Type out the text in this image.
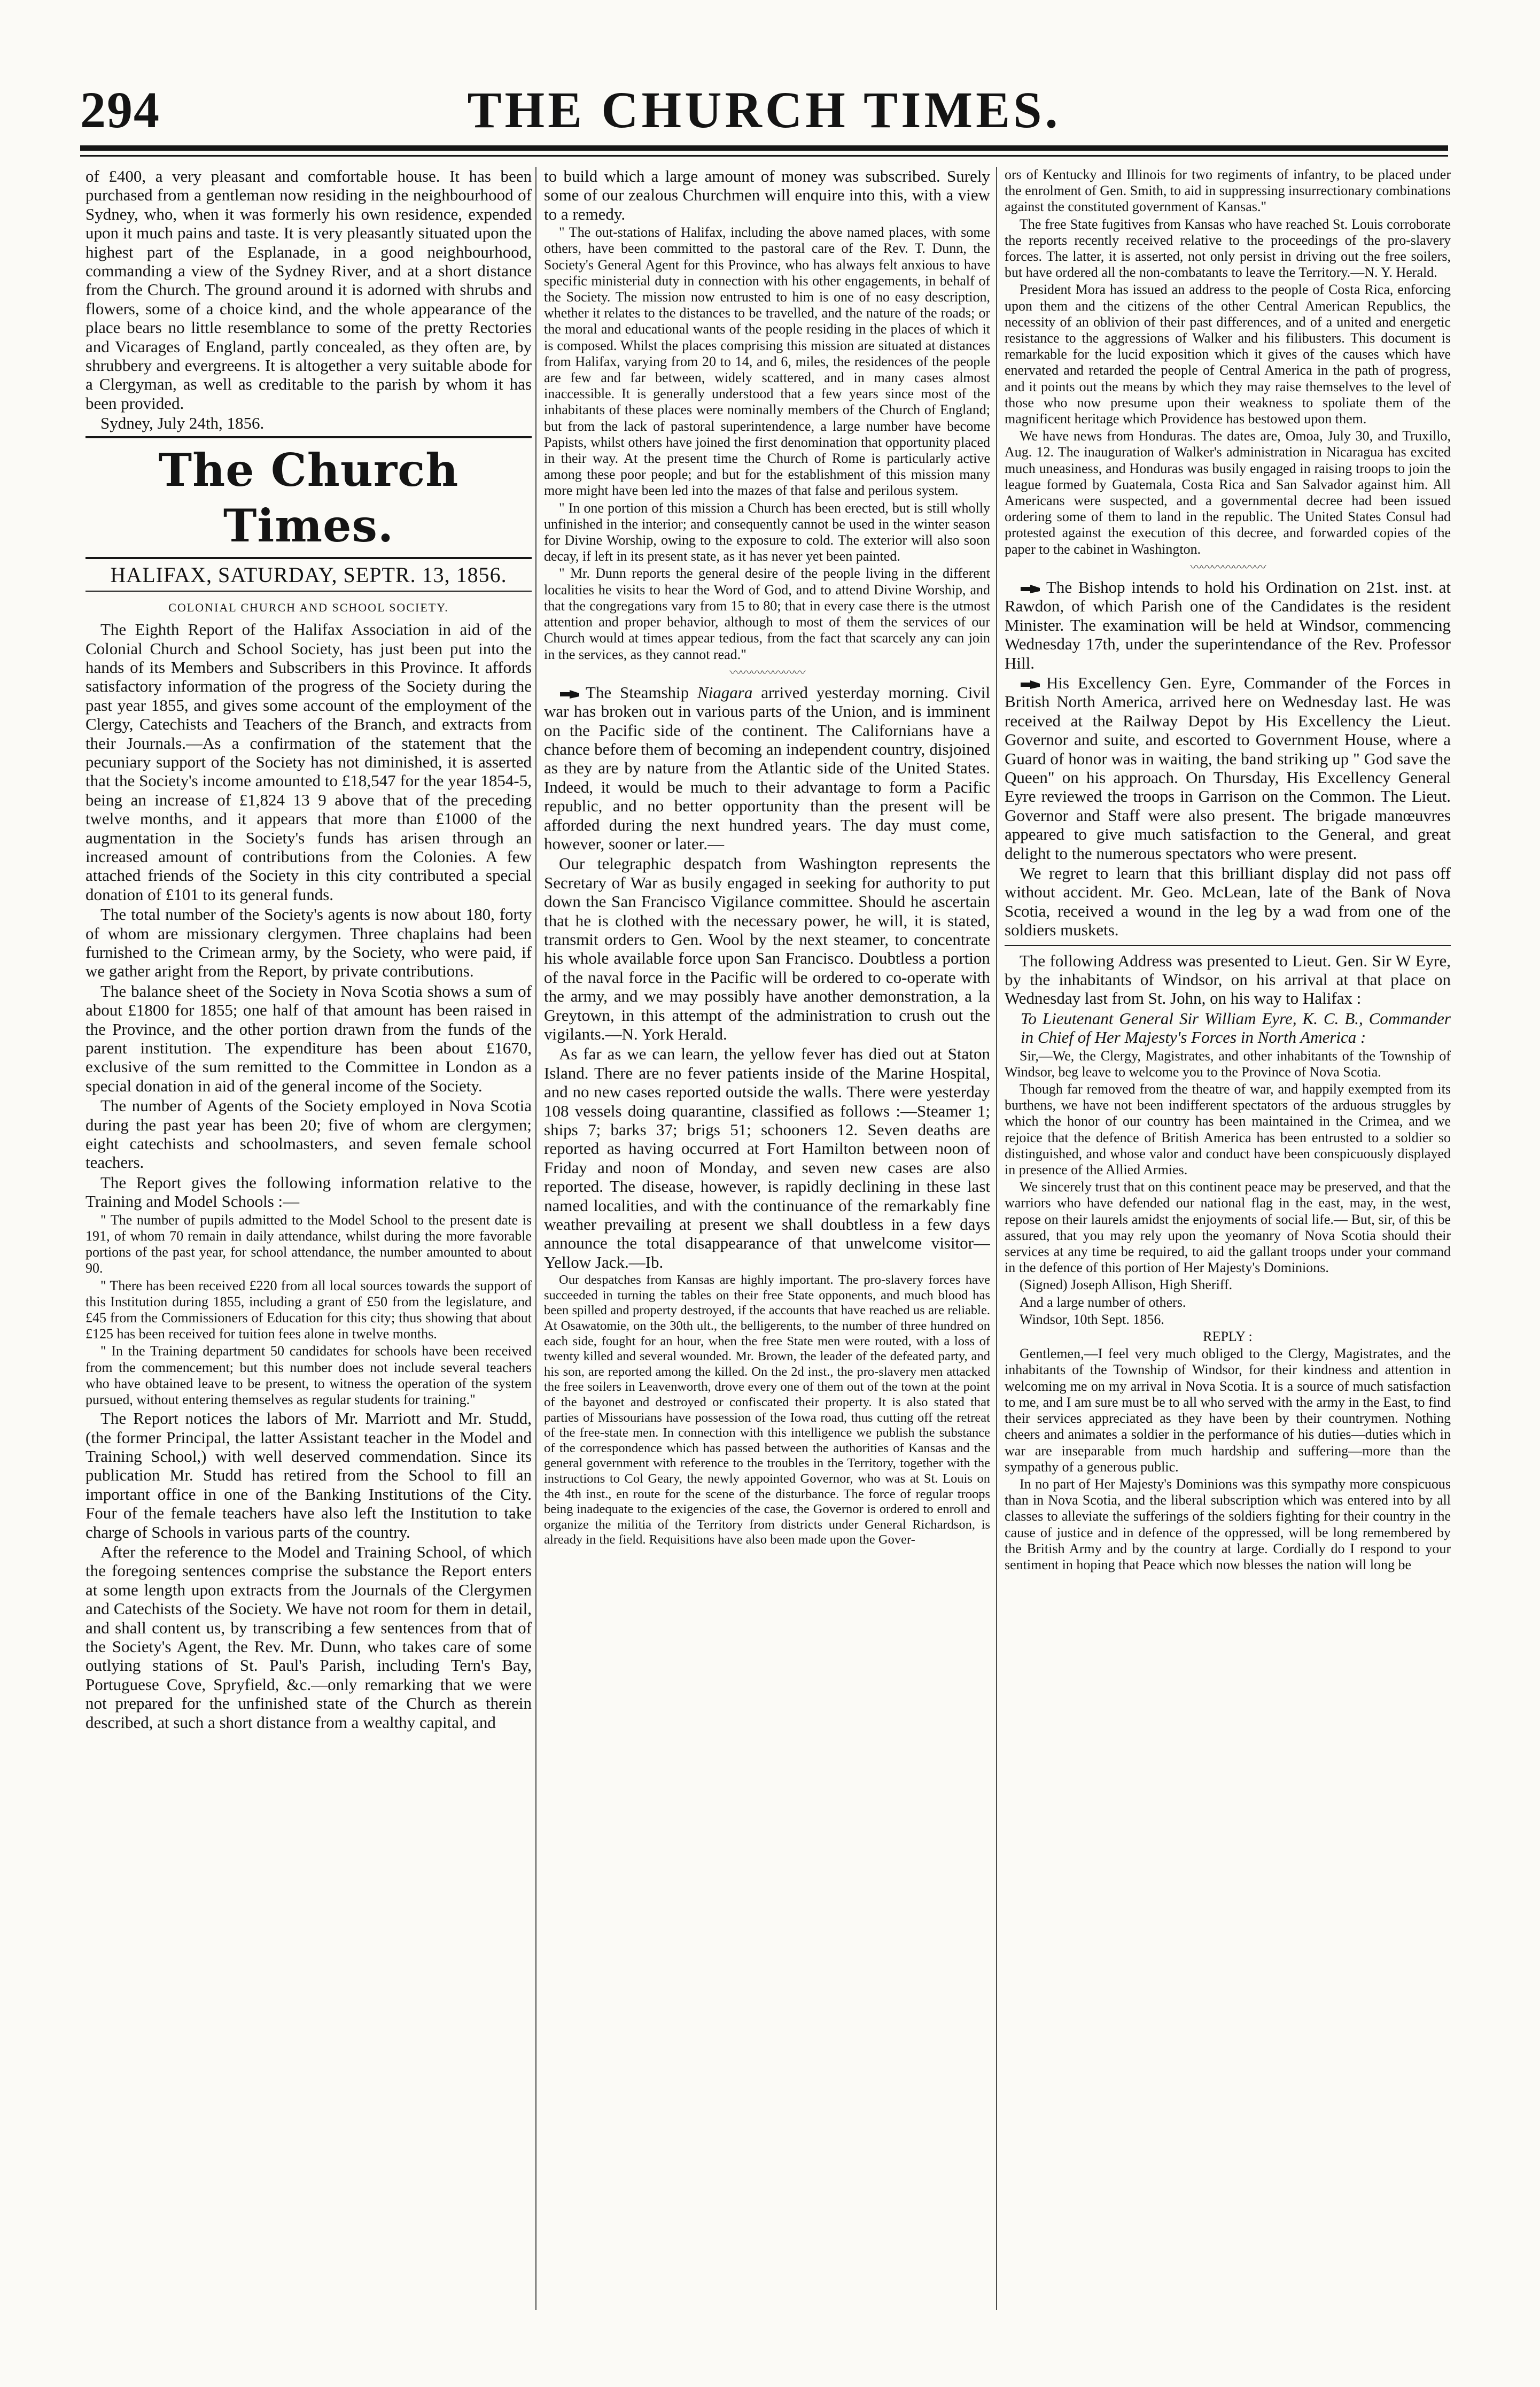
294	THE CHURCH TIMES.

of £400, a very pleasant and comfortable house. It has been purchased from a gentleman now residing in the neighbourhood of Sydney, who, when it was formerly his own residence, expended upon it much pains and taste. It is very pleasantly situated upon the highest part of the Esplanade, in a good neighbourhood, commanding a view of the Sydney River, and at a short distance from the Church. The ground around it is adorned with shrubs and flowers, some of a choice kind, and the whole appearance of the place bears no little resemblance to some of the pretty Rectories and Vicarages of England, partly concealed, as they often are, by shrubbery and evergreens. It is altogether a very suitable abode for a Clergyman, as well as creditable to the parish by whom it has been provided.

Sydney, July 24th, 1856.

The Church Times.
HALIFAX, SATURDAY, SEPTR. 13, 1856.
COLONIAL CHURCH AND SCHOOL SOCIETY.

The Eighth Report of the Halifax Association in aid of the Colonial Church and School Society, has just been put into the hands of its Members and Subscribers in this Province. It affords satisfactory information of the progress of the Society during the past year 1855, and gives some account of the employment of the Clergy, Catechists and Teachers of the Branch, and extracts from their Journals.—As a confirmation of the statement that the pecuniary support of the Society has not diminished, it is asserted that the Society's income amounted to £18,547 for the year 1854-5, being an increase of £1,824 13 9 above that of the preceding twelve months, and it appears that more than £1000 of the augmentation in the Society's funds has arisen through an increased amount of contributions from the Colonies. A few attached friends of the Society in this city contributed a special donation of £101 to its general funds.

The total number of the Society's agents is now about 180, forty of whom are missionary clergymen. Three chaplains had been furnished to the Crimean army, by the Society, who were paid, if we gather aright from the Report, by private contributions.

The balance sheet of the Society in Nova Scotia shows a sum of about £1800 for 1855; one half of that amount has been raised in the Province, and the other portion drawn from the funds of the parent institution. The expenditure has been about £1670, exclusive of the sum remitted to the Committee in London as a special donation in aid of the general income of the Society.

The number of Agents of the Society employed in Nova Scotia during the past year has been 20; five of whom are clergymen; eight catechists and schoolmasters, and seven female school teachers.

The Report gives the following information relative to the Training and Model Schools :—

" The number of pupils admitted to the Model School to the present date is 191, of whom 70 remain in daily attendance, whilst during the more favorable portions of the past year, for school attendance, the number amounted to about 90.

" There has been received £220 from all local sources towards the support of this Institution during 1855, including a grant of £50 from the legislature, and £45 from the Commissioners of Education for this city; thus showing that about £125 has been received for tuition fees alone in twelve months.

" In the Training department 50 candidates for schools have been received from the commencement; but this number does not include several teachers who have obtained leave to be present, to witness the operation of the system pursued, without entering themselves as regular students for training."

The Report notices the labors of Mr. Marriott and Mr. Studd, (the former Principal, the latter Assistant teacher in the Model and Training School,) with well deserved commendation. Since its publication Mr. Studd has retired from the School to fill an important office in one of the Banking Institutions of the City. Four of the female teachers have also left the Institution to take charge of Schools in various parts of the country.

After the reference to the Model and Training School, of which the foregoing sentences comprise the substance the Report enters at some length upon extracts from the Journals of the Clergymen and Catechists of the Society. We have not room for them in detail, and shall content us, by transcribing a few sentences from that of the Society's Agent, the Rev. Mr. Dunn, who takes care of some outlying stations of St. Paul's Parish, including Tern's Bay, Portuguese Cove, Spryfield, &c.—only remarking that we were not prepared for the unfinished state of the Church as therein described, at such a short distance from a wealthy capital, and

to build which a large amount of money was subscribed. Surely some of our zealous Churchmen will enquire into this, with a view to a remedy.

" The out-stations of Halifax, including the above named places, with some others, have been committed to the pastoral care of the Rev. T. Dunn, the Society's General Agent for this Province, who has always felt anxious to have specific ministerial duty in connection with his other engagements, in behalf of the Society. The mission now entrusted to him is one of no easy description, whether it relates to the distances to be travelled, and the nature of the roads; or the moral and educational wants of the people residing in the places of which it is composed. Whilst the places comprising this mission are situated at distances from Halifax, varying from 20 to 14, and 6, miles, the residences of the people are few and far between, widely scattered, and in many cases almost inaccessible. It is generally understood that a few years since most of the inhabitants of these places were nominally members of the Church of England; but from the lack of pastoral superintendence, a large number have become Papists, whilst others have joined the first denomination that opportunity placed in their way. At the present time the Church of Rome is particularly active among these poor people; and but for the establishment of this mission many more might have been led into the mazes of that false and perilous system.

" In one portion of this mission a Church has been erected, but is still wholly unfinished in the interior; and consequently cannot be used in the winter season for Divine Worship, owing to the exposure to cold. The exterior will also soon decay, if left in its present state, as it has never yet been painted.

" Mr. Dunn reports the general desire of the people living in the different localities he visits to hear the Word of God, and to attend Divine Worship, and that the congregations vary from 15 to 80; that in every case there is the utmost attention and proper behavior, although to most of them the services of our Church would at times appear tedious, from the fact that scarcely any can join in the services, as they cannot read."

〰〰〰〰〰〰〰

The Steamship Niagara arrived yesterday morning. Civil war has broken out in various parts of the Union, and is imminent on the Pacific side of the continent. The Californians have a chance before them of becoming an independent country, disjoined as they are by nature from the Atlantic side of the United States. Indeed, it would be much to their advantage to form a Pacific republic, and no better opportunity than the present will be afforded during the next hundred years. The day must come, however, sooner or later.—

Our telegraphic despatch from Washington represents the Secretary of War as busily engaged in seeking for authority to put down the San Francisco Vigilance committee. Should he ascertain that he is clothed with the necessary power, he will, it is stated, transmit orders to Gen. Wool by the next steamer, to concentrate his whole available force upon San Francisco. Doubtless a portion of the naval force in the Pacific will be ordered to co-operate with the army, and we may possibly have another demonstration, a la Greytown, in this attempt of the administration to crush out the vigilants.—N. York Herald.

As far as we can learn, the yellow fever has died out at Staton Island. There are no fever patients inside of the Marine Hospital, and no new cases reported outside the walls. There were yesterday 108 vessels doing quarantine, classified as follows :—Steamer 1; ships 7; barks 37; brigs 51; schooners 12. Seven deaths are reported as having occurred at Fort Hamilton between noon of Friday and noon of Monday, and seven new cases are also reported. The disease, however, is rapidly declining in these last named localities, and with the continuance of the remarkably fine weather prevailing at present we shall doubtless in a few days announce the total disappearance of that unwelcome visitor—Yellow Jack.—Ib.

Our despatches from Kansas are highly important. The pro-slavery forces have succeeded in turning the tables on their free State opponents, and much blood has been spilled and property destroyed, if the accounts that have reached us are reliable. At Osawatomie, on the 30th ult., the belligerents, to the number of three hundred on each side, fought for an hour, when the free State men were routed, with a loss of twenty killed and several wounded. Mr. Brown, the leader of the defeated party, and his son, are reported among the killed. On the 2d inst., the pro-slavery men attacked the free soilers in Leavenworth, drove every one of them out of the town at the point of the bayonet and destroyed or confiscated their property. It is also stated that parties of Missourians have possession of the Iowa road, thus cutting off the retreat of the free-state men. In connection with this intelligence we publish the substance of the correspondence which has passed between the authorities of Kansas and the general government with reference to the troubles in the Territory, together with the instructions to Col Geary, the newly appointed Governor, who was at St. Louis on the 4th inst., en route for the scene of the disturbance. The force of regular troops being inadequate to the exigencies of the case, the Governor is ordered to enroll and organize the militia of the Territory from districts under General Richardson, is already in the field. Requisitions have also been made upon the Gover-

ors of Kentucky and Illinois for two regiments of infantry, to be placed under the enrolment of Gen. Smith, to aid in suppressing insurrectionary combinations against the constituted government of Kansas."

The free State fugitives from Kansas who have reached St. Louis corroborate the reports recently received relative to the proceedings of the pro-slavery forces. The latter, it is asserted, not only persist in driving out the free soilers, but have ordered all the non-combatants to leave the Territory.—N. Y. Herald.

President Mora has issued an address to the people of Costa Rica, enforcing upon them and the citizens of the other Central American Republics, the necessity of an oblivion of their past differences, and of a united and energetic resistance to the aggressions of Walker and his filibusters. This document is remarkable for the lucid exposition which it gives of the causes which have enervated and retarded the people of Central America in the path of progress, and it points out the means by which they may raise themselves to the level of those who now presume upon their weakness to spoliate them of the magnificent heritage which Providence has bestowed upon them.

We have news from Honduras. The dates are, Omoa, July 30, and Truxillo, Aug. 12. The inauguration of Walker's administration in Nicaragua has excited much uneasiness, and Honduras was busily engaged in raising troops to join the league formed by Guatemala, Costa Rica and San Salvador against him. All Americans were suspected, and a governmental decree had been issued ordering some of them to land in the republic. The United States Consul had protested against the execution of this decree, and forwarded copies of the paper to the cabinet in Washington.

〰〰〰〰〰〰〰

The Bishop intends to hold his Ordination on 21st. inst. at Rawdon, of which Parish one of the Candidates is the resident Minister. The examination will be held at Windsor, commencing Wednesday 17th, under the superintendance of the Rev. Professor Hill.

His Excellency Gen. Eyre, Commander of the Forces in British North America, arrived here on Wednesday last. He was received at the Railway Depot by His Excellency the Lieut. Governor and suite, and escorted to Government House, where a Guard of honor was in waiting, the band striking up " God save the Queen" on his approach. On Thursday, His Excellency General Eyre reviewed the troops in Garrison on the Common. The Lieut. Governor and Staff were also present. The brigade manœuvres appeared to give much satisfaction to the General, and great delight to the numerous spectators who were present.

We regret to learn that this brilliant display did not pass off without accident. Mr. Geo. McLean, late of the Bank of Nova Scotia, received a wound in the leg by a wad from one of the soldiers muskets.

The following Address was presented to Lieut. Gen. Sir W Eyre, by the inhabitants of Windsor, on his arrival at that place on Wednesday last from St. John, on his way to Halifax :

To Lieutenant General Sir William Eyre, K. C. B., Commander in Chief of Her Majesty's Forces in North America :

Sir,—We, the Clergy, Magistrates, and other inhabitants of the Township of Windsor, beg leave to welcome you to the Province of Nova Scotia.

Though far removed from the theatre of war, and happily exempted from its burthens, we have not been indifferent spectators of the arduous struggles by which the honor of our country has been maintained in the Crimea, and we rejoice that the defence of British America has been entrusted to a soldier so distinguished, and whose valor and conduct have been conspicuously displayed in presence of the Allied Armies.

We sincerely trust that on this continent peace may be preserved, and that the warriors who have defended our national flag in the east, may, in the west, repose on their laurels amidst the enjoyments of social life.— But, sir, of this be assured, that you may rely upon the yeomanry of Nova Scotia should their services at any time be required, to aid the gallant troops under your command in the defence of this portion of Her Majesty's Dominions.

(Signed) Joseph Allison, High Sheriff.

And a large number of others.

Windsor, 10th Sept. 1856.

REPLY :

Gentlemen,—I feel very much obliged to the Clergy, Magistrates, and the inhabitants of the Township of Windsor, for their kindness and attention in welcoming me on my arrival in Nova Scotia. It is a source of much satisfaction to me, and I am sure must be to all who served with the army in the East, to find their services appreciated as they have been by their countrymen. Nothing cheers and animates a soldier in the performance of his duties—duties which in war are inseparable from much hardship and suffering—more than the sympathy of a generous public.

In no part of Her Majesty's Dominions was this sympathy more conspicuous than in Nova Scotia, and the liberal subscription which was entered into by all classes to alleviate the sufferings of the soldiers fighting for their country in the cause of justice and in defence of the oppressed, will be long remembered by the British Army and by the country at large. Cordially do I respond to your sentiment in hoping that Peace which now blesses the nation will long be
